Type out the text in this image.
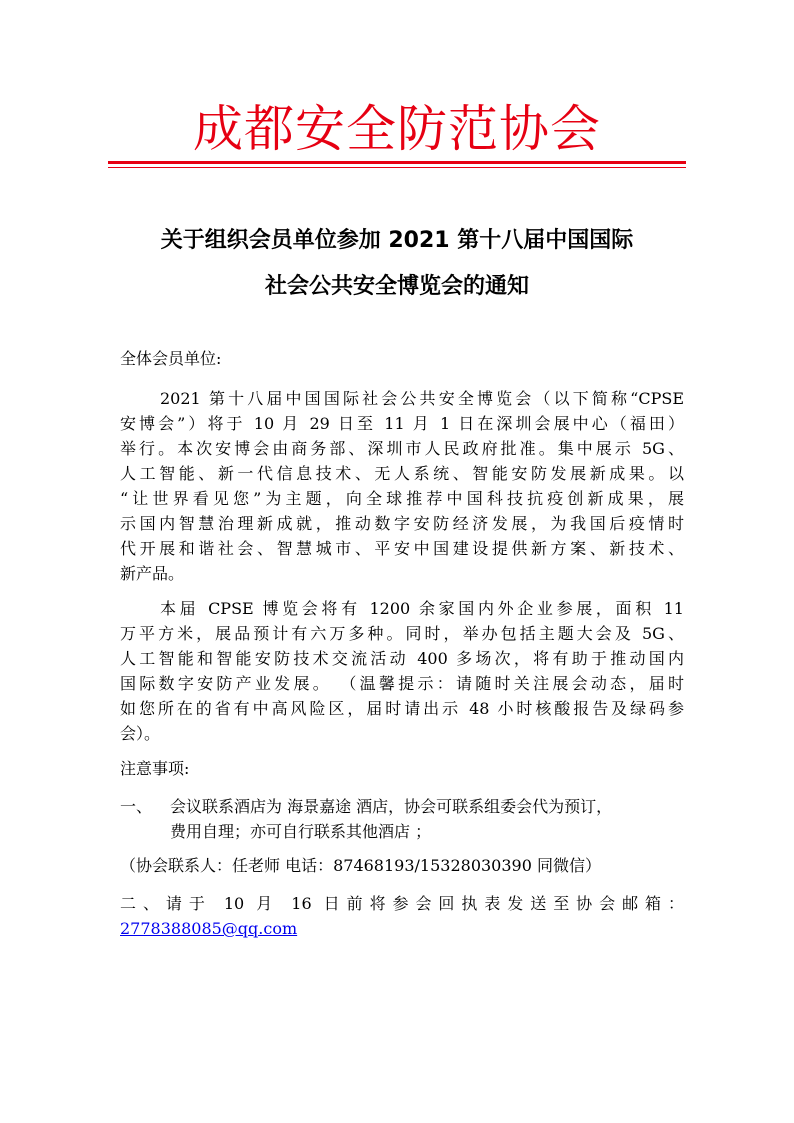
成都安全防范协会
关于组织会员单位参加 2021 第十八届中国国际
社会公共安全博览会的通知
全体会员单位:
2021 第十八届中国国际社会公共安全博览会（以下简称“CPSE
安博会”）将于 10 月 29 日至 11 月 1 日在深圳会展中心（福田）
举行。本次安博会由商务部、深圳市人民政府批准。集中展示 5G、
人工智能、新一代信息技术、无人系统、智能安防发展新成果。以
“让世界看见您”为主题，向全球推荐中国科技抗疫创新成果，展
示国内智慧治理新成就，推动数字安防经济发展，为我国后疫情时
代开展和谐社会、智慧城市、平安中国建设提供新方案、新技术、
新产品。
本届 CPSE 博览会将有 1200 余家国内外企业参展，面积 11
万平方米，展品预计有六万多种。同时，举办包括主题大会及 5G、
人工智能和智能安防技术交流活动 400 多场次，将有助于推动国内
国际数字安防产业发展。 （温馨提示：请随时关注展会动态，届时
如您所在的省有中高风险区，届时请出示 48 小时核酸报告及绿码参
会）。
注意事项:
一、	会议联系酒店为 海景嘉途 酒店，协会可联系组委会代为预订，
费用自理；亦可自行联系其他酒店 ；
（协会联系人：任老师 电话：87468193/15328030390 同微信）
二、请于 10 月 16 日前将参会回执表发送至协会邮箱：
2778388085@qq.com
